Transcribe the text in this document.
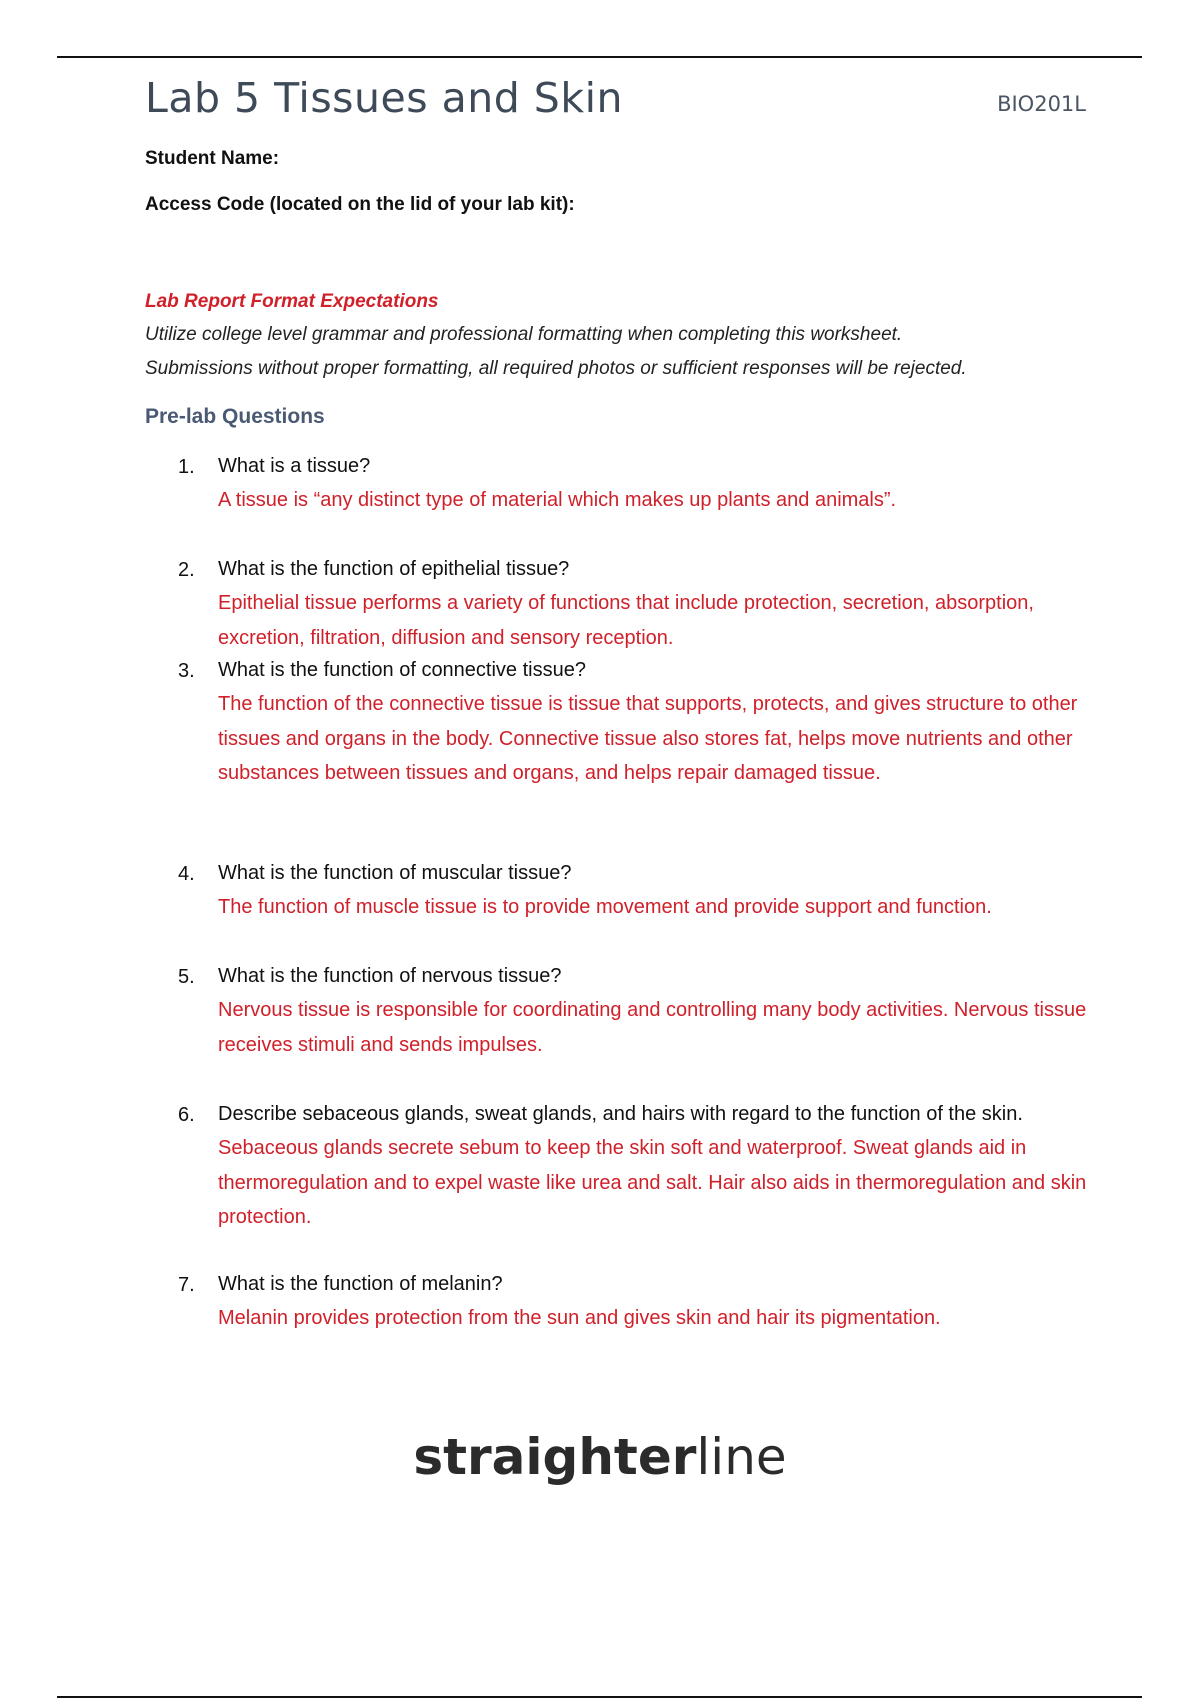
Lab 5 Tissues and Skin	BIO201L
Student Name:
Access Code (located on the lid of your lab kit):
Lab Report Format Expectations
Utilize college level grammar and professional formatting when completing this worksheet.
Submissions without proper formatting, all required photos or sufficient responses will be rejected.
Pre-lab Questions
1. What is a tissue?
A tissue is “any distinct type of material which makes up plants and animals”.
2. What is the function of epithelial tissue?
Epithelial tissue performs a variety of functions that include protection, secretion, absorption, excretion, filtration, diffusion and sensory reception.
3. What is the function of connective tissue?
The function of the connective tissue is tissue that supports, protects, and gives structure to other tissues and organs in the body. Connective tissue also stores fat, helps move nutrients and other substances between tissues and organs, and helps repair damaged tissue.
4. What is the function of muscular tissue?
The function of muscle tissue is to provide movement and provide support and function.
5. What is the function of nervous tissue?
Nervous tissue is responsible for coordinating and controlling many body activities. Nervous tissue receives stimuli and sends impulses.
6. Describe sebaceous glands, sweat glands, and hairs with regard to the function of the skin.
Sebaceous glands secrete sebum to keep the skin soft and waterproof. Sweat glands aid in thermoregulation and to expel waste like urea and salt. Hair also aids in thermoregulation and skin protection.
7. What is the function of melanin?
Melanin provides protection from the sun and gives skin and hair its pigmentation.
straighterline
